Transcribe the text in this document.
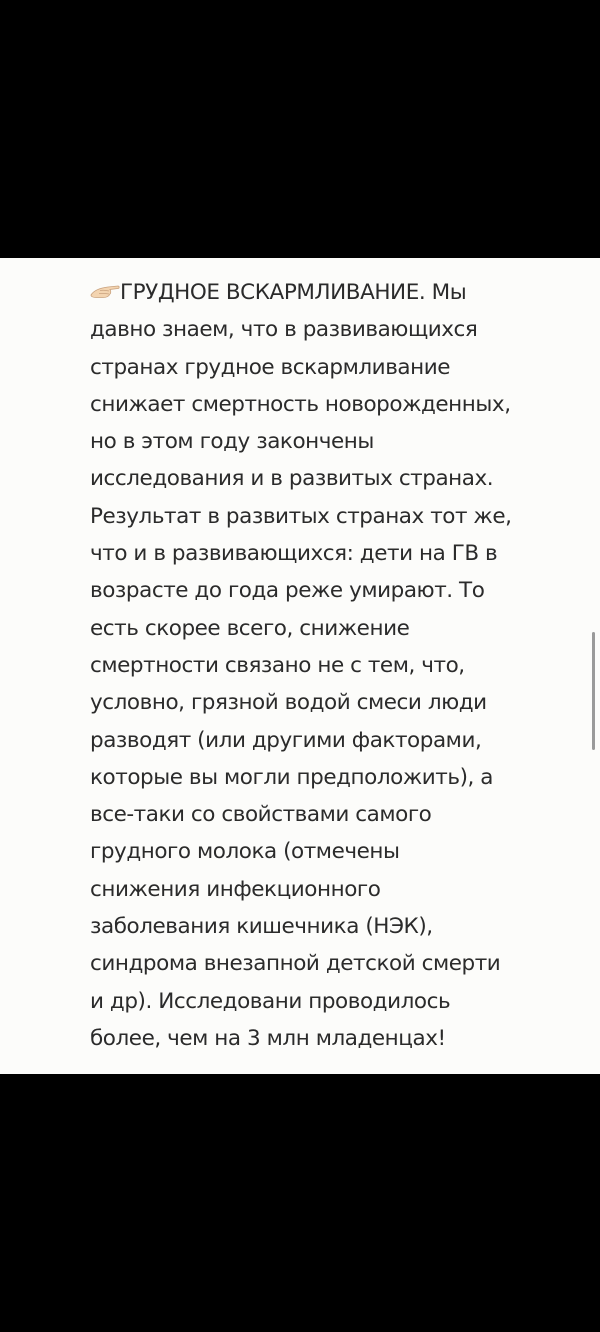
ГРУДНОЕ ВСКАРМЛИВАНИЕ. Мы
давно знаем, что в развивающихся
странах грудное вскармливание
снижает смертность новорожденных,
но в этом году закончены
исследования и в развитых странах.
Результат в развитых странах тот же,
что и в развивающихся: дети на ГВ в
возрасте до года реже умирают. То
есть скорее всего, снижение
смертности связано не с тем, что,
условно, грязной водой смеси люди
разводят (или другими факторами,
которые вы могли предположить), а
все-таки со свойствами самого
грудного молока (отмечены
снижения инфекционного
заболевания кишечника (НЭК),
синдрома внезапной детской смерти
и др). Исследовани проводилось
более, чем на 3 млн младенцах!
